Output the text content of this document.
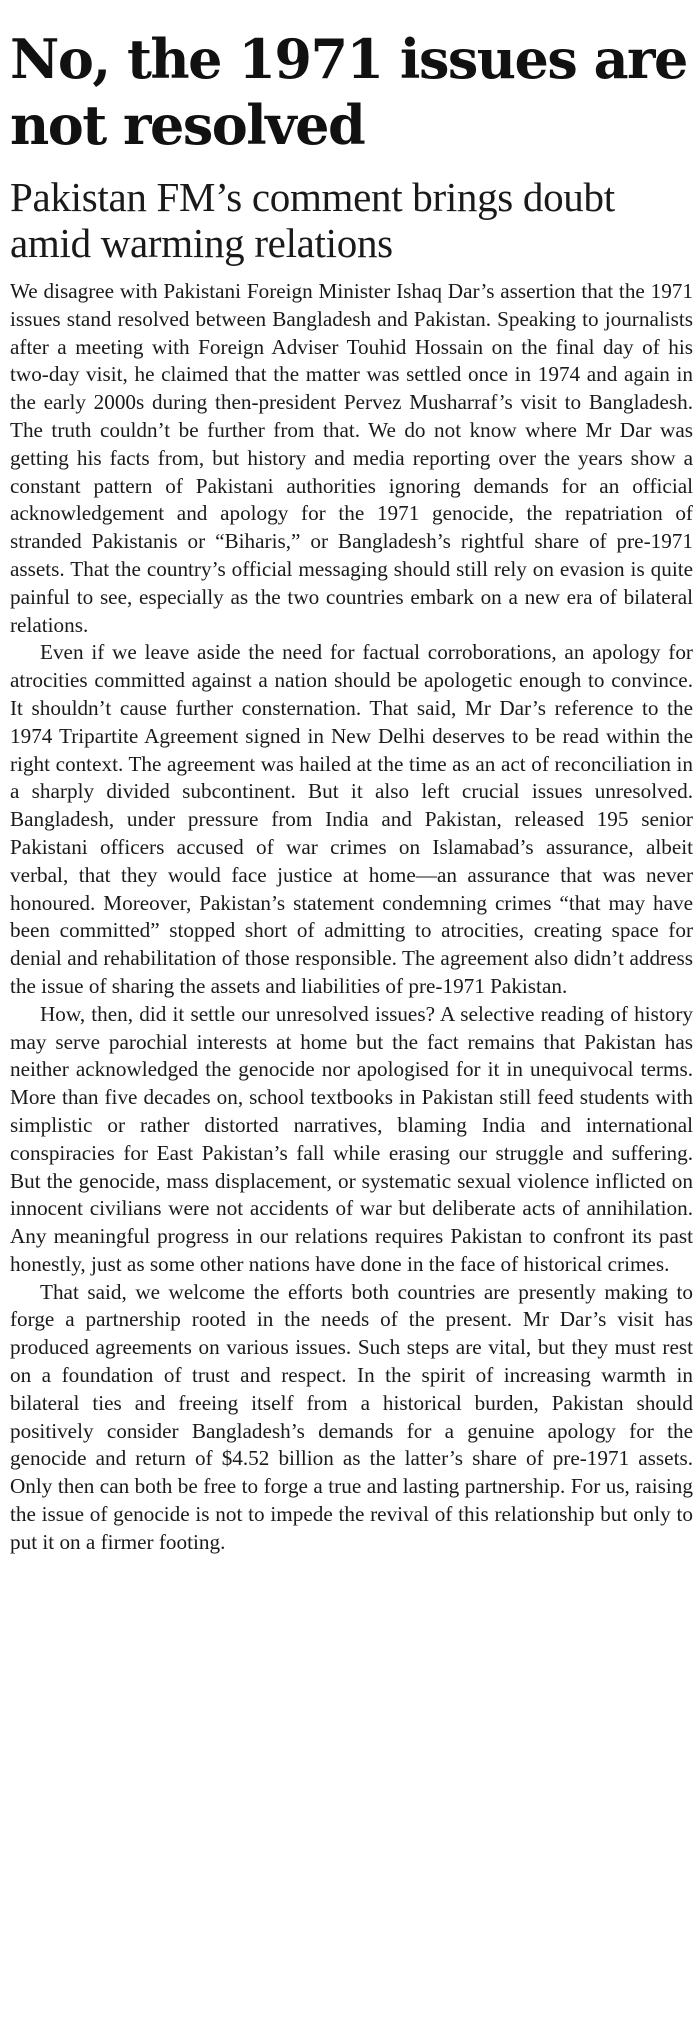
No, the 1971 issues are not resolved
Pakistan FM’s comment brings doubt amid warming relations

We disagree with Pakistani Foreign Minister Ishaq Dar’s assertion that the 1971 issues stand resolved between Bangladesh and Pakistan. Speaking to journalists after a meeting with Foreign Adviser Touhid Hossain on the final day of his two-day visit, he claimed that the matter was settled once in 1974 and again in the early 2000s during then-president Pervez Musharraf’s visit to Bangladesh. The truth couldn’t be further from that. We do not know where Mr Dar was getting his facts from, but history and media reporting over the years show a constant pattern of Pakistani authorities ignoring demands for an official acknowledgement and apology for the 1971 genocide, the repatriation of stranded Pakistanis or “Biharis,” or Bangladesh’s rightful share of pre-1971 assets. That the country’s official messaging should still rely on evasion is quite painful to see, especially as the two countries embark on a new era of bilateral relations.

Even if we leave aside the need for factual corroborations, an apology for atrocities committed against a nation should be apologetic enough to convince. It shouldn’t cause further consternation. That said, Mr Dar’s reference to the 1974 Tripartite Agreement signed in New Delhi deserves to be read within the right context. The agreement was hailed at the time as an act of reconciliation in a sharply divided subcontinent. But it also left crucial issues unresolved. Bangladesh, under pressure from India and Pakistan, released 195 senior Pakistani officers accused of war crimes on Islamabad’s assurance, albeit verbal, that they would face justice at home—an assurance that was never honoured. Moreover, Pakistan’s statement condemning crimes “that may have been committed” stopped short of admitting to atrocities, creating space for denial and rehabilitation of those responsible. The agreement also didn’t address the issue of sharing the assets and liabilities of pre-1971 Pakistan.

How, then, did it settle our unresolved issues? A selective reading of history may serve parochial interests at home but the fact remains that Pakistan has neither acknowledged the genocide nor apologised for it in unequivocal terms. More than five decades on, school textbooks in Pakistan still feed students with simplistic or rather distorted narratives, blaming India and international conspiracies for East Pakistan’s fall while erasing our struggle and suffering. But the genocide, mass displacement, or systematic sexual violence inflicted on innocent civilians were not accidents of war but deliberate acts of annihilation. Any meaningful progress in our relations requires Pakistan to confront its past honestly, just as some other nations have done in the face of historical crimes.

That said, we welcome the efforts both countries are presently making to forge a partnership rooted in the needs of the present. Mr Dar’s visit has produced agreements on various issues. Such steps are vital, but they must rest on a foundation of trust and respect. In the spirit of increasing warmth in bilateral ties and freeing itself from a historical burden, Pakistan should positively consider Bangladesh’s demands for a genuine apology for the genocide and return of $4.52 billion as the latter’s share of pre-1971 assets. Only then can both be free to forge a true and lasting partnership. For us, raising the issue of genocide is not to impede the revival of this relationship but only to put it on a firmer footing.
